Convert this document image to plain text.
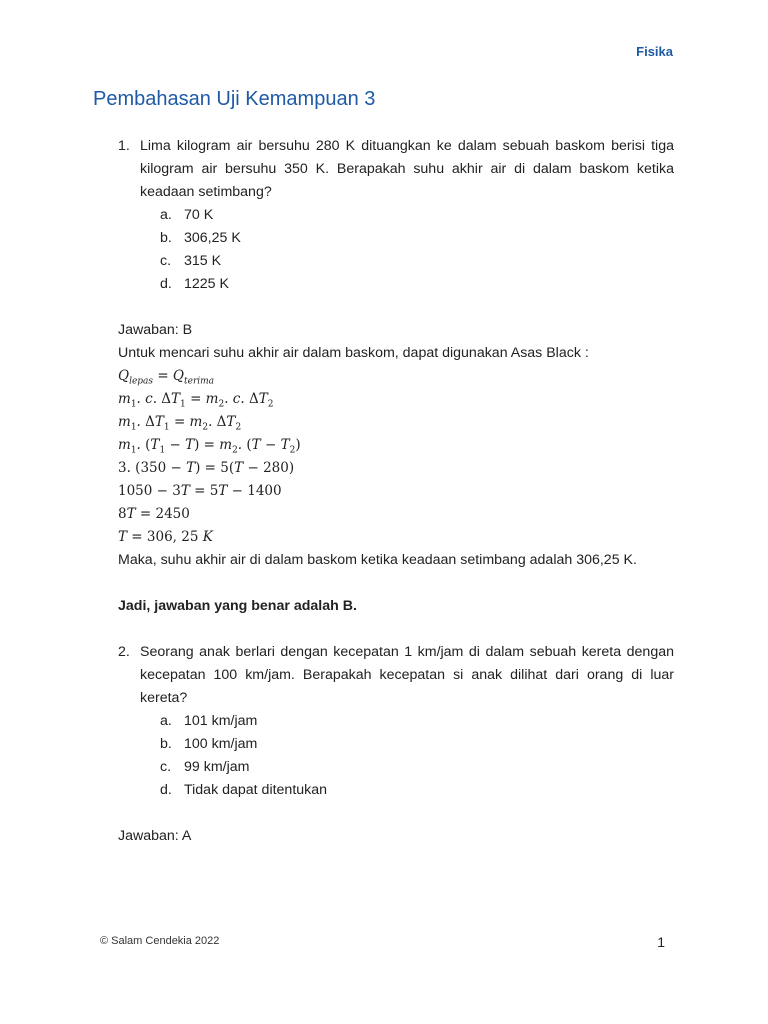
Fisika
Pembahasan Uji Kemampuan 3
1. Lima kilogram air bersuhu 280 K dituangkan ke dalam sebuah baskom berisi tiga kilogram air bersuhu 350 K. Berapakah suhu akhir air di dalam baskom ketika keadaan setimbang?
a. 70 K
b. 306,25 K
c. 315 K
d. 1225 K
Jawaban: B
Untuk mencari suhu akhir air dalam baskom, dapat digunakan Asas Black :
$Q_{lepas} = Q_{terima}$
$m_1$. c. $\Delta T_1 = m_2$. c. $\Delta T_2$
$m_1$. $\Delta T_1 = m_2$. $\Delta T_2$
$m_1$. $(T_1 - T) = m_2$. $(T - T_2)$
3. (350 − T) = 5(T − 280)
1050 − 3T = 5T − 1400
8T = 2450
T = 306, 25 K
Maka, suhu akhir air di dalam baskom ketika keadaan setimbang adalah 306,25 K.
Jadi, jawaban yang benar adalah B.
2. Seorang anak berlari dengan kecepatan 1 km/jam di dalam sebuah kereta dengan kecepatan 100 km/jam. Berapakah kecepatan si anak dilihat dari orang di luar kereta?
a. 101 km/jam
b. 100 km/jam
c. 99 km/jam
d. Tidak dapat ditentukan
Jawaban: A
© Salam Cendekia 2022	1
